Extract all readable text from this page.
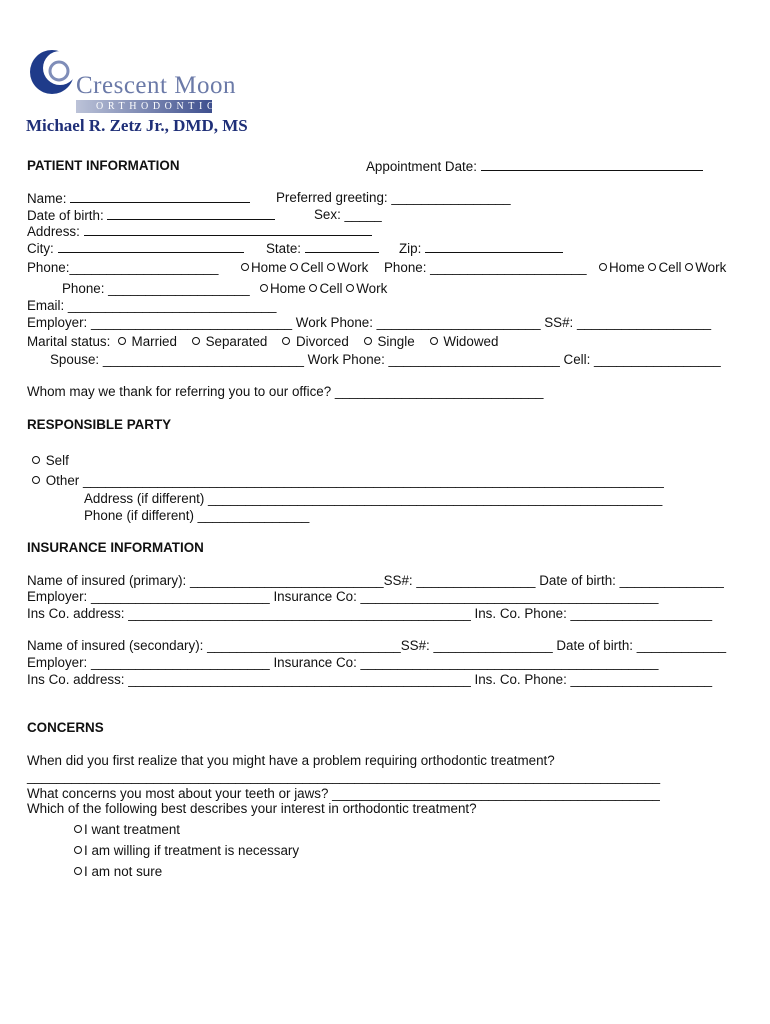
Crescent Moon
ORTHODONTICS
Michael R. Zetz Jr., DMD, MS
PATIENT INFORMATION	Appointment Date:
Name:	Preferred greeting: ________________
Date of birth:	Sex: _____
Address:
City:	State:	Zip:
Phone:____________________	Home Cell Work Phone: _____________________	Home Cell Work
Phone: ___________________	Home Cell Work
Email: ____________________________
Employer: ___________________________ Work Phone: ______________________ SS#: __________________
Marital status: Married Separated Divorced Single Widowed
Spouse: ___________________________ Work Phone: _______________________ Cell: _________________
Whom may we thank for referring you to our office? ____________________________
RESPONSIBLE PARTY
Self
Other ______________________________________________________________________________
Address (if different) _____________________________________________________________
Phone (if different) _______________
INSURANCE INFORMATION
Name of insured (primary): __________________________SS#: ________________ Date of birth: ______________
Employer: ________________________ Insurance Co: ________________________________________
Ins Co. address: ______________________________________________ Ins. Co. Phone: ___________________
Name of insured (secondary): __________________________SS#: ________________ Date of birth: ____________
Employer: ________________________ Insurance Co: ________________________________________
Ins Co. address: ______________________________________________ Ins. Co. Phone: ___________________
CONCERNS
When did you first realize that you might have a problem requiring orthodontic treatment?
_____________________________________________________________________________________
What concerns you most about your teeth or jaws? ____________________________________________
Which of the following best describes your interest in orthodontic treatment?
I want treatment
I am willing if treatment is necessary
I am not sure
